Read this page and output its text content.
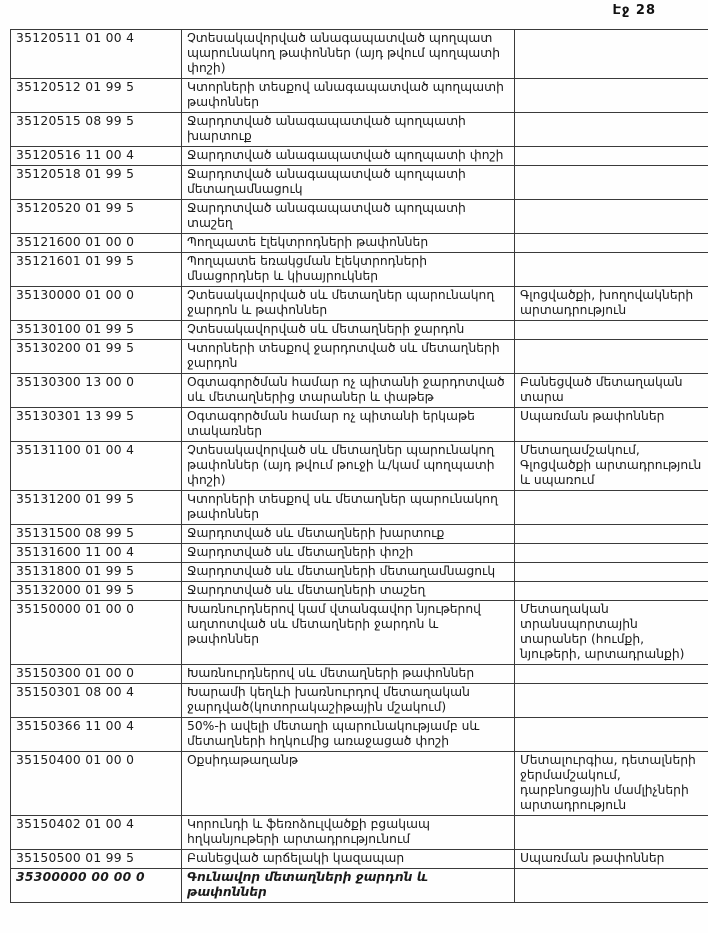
Էջ 28
35120511 01 00 4	Չտեսակավորված անագապատված պողպատ պարունակող թափոններ (այդ թվում պողպատի փոշի)	
35120512 01 99 5	Կտորների տեսքով անագապատված պողպատի թափոններ	
35120515 08 99 5	Ջարդոտված անագապատված պողպատի խարտուք	
35120516 11 00 4	Ջարդոտված անագապատված պողպատի փոշի	
35120518 01 99 5	Ջարդոտված անագապատված պողպատի մետաղամնացուկ	
35120520 01 99 5	Ջարդոտված անագապատված պողպատի տաշեղ	
35121600 01 00 0	Պողպատե էլեկտրոդների թափոններ	
35121601 01 99 5	Պողպատե եռակցման էլեկտրոդների մնացորդներ և կիսայրուկներ	
35130000 01 00 0	Չտեսակավորված սև մետաղներ պարունակող ջարդոն և թափոններ	Գլոցվածքի, խողովակների արտադրություն
35130100 01 99 5	Չտեսակավորված սև մետաղների ջարդոն	
35130200 01 99 5	Կտորների տեսքով ջարդոտված սև մետաղների ջարդոն	
35130300 13 00 0	Օգտագործման համար ոչ պիտանի ջարդոտված սև մետաղներից տարաներ և փաթեթ	Բանեցված մետաղական տարա
35130301 13 99 5	Օգտագործման համար ոչ պիտանի երկաթե տակառներ	Սպառման թափոններ
35131100 01 00 4	Չտեսակավորված սև մետաղներ պարունակող թափոններ (այդ թվում թուջի և/կամ պողպատի փոշի)	Մետաղամշակում, Գլոցվածքի արտադրություն և սպառում
35131200 01 99 5	Կտորների տեսքով սև մետաղներ պարունակող թափոններ	
35131500 08 99 5	Ջարդոտված սև մետաղների խարտուք	
35131600 11 00 4	Ջարդոտված սև մետաղների փոշի	
35131800 01 99 5	Ջարդոտված սև մետաղների մետաղամնացուկ	
35132000 01 99 5	Ջարդոտված սև մետաղների տաշեղ	
35150000 01 00 0	Խառնուրդներով կամ վտանգավոր նյութերով աղտոտված սև մետաղների ջարդոն և թափոններ	Մետաղական տրանսպորտային տարաներ (հումքի, նյութերի, արտադրանքի)
35150300 01 00 0	Խառնուրդներով սև մետաղների թափոններ	
35150301 08 00 4	Խարամի կեղևի խառնուրդով մետաղական ջարդված(կոտորակաշիթային մշակում)	
35150366 11 00 4	50%-ի ավելի մետաղի պարունակությամբ սև մետաղների հղկումից առաջացած փոշի	
35150400 01 00 0	Օքսիդաթաղանթ	Մետալուրգիա, դետալների ջերմամշակում, դարբնոցային մամլիչների արտադրություն
35150402 01 00 4	Կորունդի և ֆեռոձուլվածքի բցակապ հղկանյութերի արտադրությունում	
35150500 01 99 5	Բանեցված արճելակի կազապար	Սպառման թափոններ
35300000 00 00 0	Գունավոր մետաղների ջարդոն և թափոններ	
